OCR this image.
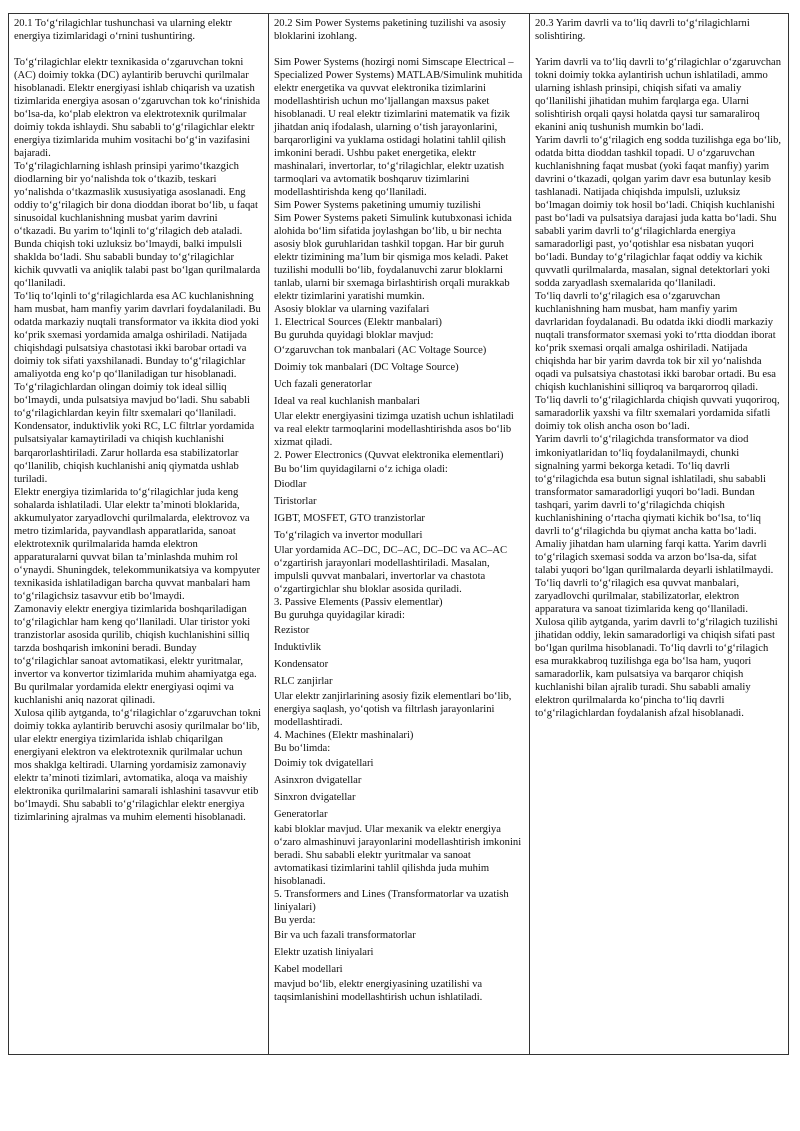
20.1 To‘g‘rilagichlar tushunchasi va ularning elektr energiya tizimlaridagi o‘rnini tushuntiring.

To‘g‘rilagichlar elektr texnikasida o‘zgaruvchan tokni (AC) doimiy tokka (DC) aylantirib beruvchi qurilmalar hisoblanadi. Elektr energiyasi ishlab chiqarish va uzatish tizimlarida energiya asosan o‘zgaruvchan tok ko‘rinishida bo‘lsa-da, ko‘plab elektron va elektrotexnik qurilmalar doimiy tokda ishlaydi. Shu sababli to‘g‘rilagichlar elektr energiya tizimlarida muhim vositachi bo‘g‘in vazifasini bajaradi.

To‘g‘rilagichlarning ishlash prinsipi yarimo‘tkazgich diodlarning bir yo‘nalishda tok o‘tkazib, teskari yo‘nalishda o‘tkazmaslik xususiyatiga asoslanadi. Eng oddiy to‘g‘rilagich bir dona dioddan iborat bo‘lib, u faqat sinusoidal kuchlanishning musbat yarim davrini o‘tkazadi. Bu yarim to‘lqinli to‘g‘rilagich deb ataladi. Bunda chiqish toki uzluksiz bo‘lmaydi, balki impulsli shaklda bo‘ladi. Shu sababli bunday to‘g‘rilagichlar kichik quvvatli va aniqlik talabi past bo‘lgan qurilmalarda qo‘llaniladi.

To‘liq to‘lqinli to‘g‘rilagichlarda esa AC kuchlanishning ham musbat, ham manfiy yarim davrlari foydalaniladi. Bu odatda markaziy nuqtali transformator va ikkita diod yoki ko‘prik sxemasi yordamida amalga oshiriladi. Natijada chiqishdagi pulsatsiya chastotasi ikki barobar ortadi va doimiy tok sifati yaxshilanadi. Bunday to‘g‘rilagichlar amaliyotda eng ko‘p qo‘llaniladigan tur hisoblanadi.

To‘g‘rilagichlardan olingan doimiy tok ideal silliq bo‘lmaydi, unda pulsatsiya mavjud bo‘ladi. Shu sababli to‘g‘rilagichlardan keyin filtr sxemalari qo‘llaniladi. Kondensator, induktivlik yoki RC, LC filtrlar yordamida pulsatsiyalar kamaytiriladi va chiqish kuchlanishi barqarorlashtiriladi. Zarur hollarda esa stabilizatorlar qo‘llanilib, chiqish kuchlanishi aniq qiymatda ushlab turiladi.

Elektr energiya tizimlarida to‘g‘rilagichlar juda keng sohalarda ishlatiladi. Ular elektr ta’minoti bloklarida, akkumulyator zaryadlovchi qurilmalarda, elektrovoz va metro tizimlarida, payvandlash apparatlarida, sanoat elektrotexnik qurilmalarida hamda elektron apparaturalarni quvvat bilan ta’minlashda muhim rol o‘ynaydi. Shuningdek, telekommunikatsiya va kompyuter texnikasida ishlatiladigan barcha quvvat manbalari ham to‘g‘rilagichsiz tasavvur etib bo‘lmaydi.

Zamonaviy elektr energiya tizimlarida boshqariladigan to‘g‘rilagichlar ham keng qo‘llaniladi. Ular tiristor yoki tranzistorlar asosida qurilib, chiqish kuchlanishini silliq tarzda boshqarish imkonini beradi. Bunday to‘g‘rilagichlar sanoat avtomatikasi, elektr yuritmalar, invertor va konvertor tizimlarida muhim ahamiyatga ega. Bu qurilmalar yordamida elektr energiyasi oqimi va kuchlanishi aniq nazorat qilinadi.

Xulosa qilib aytganda, to‘g‘rilagichlar o‘zgaruvchan tokni doimiy tokka aylantirib beruvchi asosiy qurilmalar bo‘lib, ular elektr energiya tizimlarida ishlab chiqarilgan energiyani elektron va elektrotexnik qurilmalar uchun mos shaklga keltiradi. Ularning yordamisiz zamonaviy elektr ta’minoti tizimlari, avtomatika, aloqa va maishiy elektronika qurilmalarini samarali ishlashini tasavvur etib bo‘lmaydi. Shu sababli to‘g‘rilagichlar elektr energiya tizimlarining ajralmas va muhim elementi hisoblanadi.

20.2 Sim Power Systems paketining tuzilishi va asosiy bloklarini izohlang.

Sim Power Systems (hozirgi nomi Simscape Electrical – Specialized Power Systems) MATLAB/Simulink muhitida elektr energetika va quvvat elektronika tizimlarini modellashtirish uchun mo‘ljallangan maxsus paket hisoblanadi. U real elektr tizimlarini matematik va fizik jihatdan aniq ifodalash, ularning o‘tish jarayonlarini, barqarorligini va yuklama ostidagi holatini tahlil qilish imkonini beradi. Ushbu paket energetika, elektr mashinalari, invertorlar, to‘g‘rilagichlar, elektr uzatish tarmoqlari va avtomatik boshqaruv tizimlarini modellashtirishda keng qo‘llaniladi.

Sim Power Systems paketining umumiy tuzilishi

Sim Power Systems paketi Simulink kutubxonasi ichida alohida bo‘lim sifatida joylashgan bo‘lib, u bir nechta asosiy blok guruhlaridan tashkil topgan. Har bir guruh elektr tizimining ma’lum bir qismiga mos keladi. Paket tuzilishi modulli bo‘lib, foydalanuvchi zarur bloklarni tanlab, ularni bir sxemaga birlashtirish orqali murakkab elektr tizimlarini yaratishi mumkin.

Asosiy bloklar va ularning vazifalari

1. Electrical Sources (Elektr manbalari)

Bu guruhda quyidagi bloklar mavjud:

O‘zgaruvchan tok manbalari (AC Voltage Source)

Doimiy tok manbalari (DC Voltage Source)

Uch fazali generatorlar

Ideal va real kuchlanish manbalari

Ular elektr energiyasini tizimga uzatish uchun ishlatiladi va real elektr tarmoqlarini modellashtirishda asos bo‘lib xizmat qiladi.

2. Power Electronics (Quvvat elektronika elementlari)

Bu bo‘lim quyidagilarni o‘z ichiga oladi:

Diodlar

Tiristorlar

IGBT, MOSFET, GTO tranzistorlar

To‘g‘rilagich va invertor modullari

Ular yordamida AC–DC, DC–AC, DC–DC va AC–AC o‘zgartirish jarayonlari modellashtiriladi. Masalan, impulsli quvvat manbalari, invertorlar va chastota o‘zgartirgichlar shu bloklar asosida quriladi.

3. Passive Elements (Passiv elementlar)

Bu guruhga quyidagilar kiradi:

Rezistor

Induktivlik

Kondensator

RLC zanjirlar

Ular elektr zanjirlarining asosiy fizik elementlari bo‘lib, energiya saqlash, yo‘qotish va filtrlash jarayonlarini modellashtiradi.

4. Machines (Elektr mashinalari)

Bu bo‘limda:

Doimiy tok dvigatellari

Asinxron dvigatellar

Sinxron dvigatellar

Generatorlar

kabi bloklar mavjud. Ular mexanik va elektr energiya o‘zaro almashinuvi jarayonlarini modellashtirish imkonini beradi. Shu sababli elektr yuritmalar va sanoat avtomatikasi tizimlarini tahlil qilishda juda muhim hisoblanadi.

5. Transformers and Lines (Transformatorlar va uzatish liniyalari)

Bu yerda:

Bir va uch fazali transformatorlar

Elektr uzatish liniyalari

Kabel modellari

mavjud bo‘lib, elektr energiyasining uzatilishi va taqsimlanishini modellashtirish uchun ishlatiladi.

20.3 Yarim davrli va to‘liq davrli to‘g‘rilagichlarni solishtiring.

Yarim davrli va to‘liq davrli to‘g‘rilagichlar o‘zgaruvchan tokni doimiy tokka aylantirish uchun ishlatiladi, ammo ularning ishlash prinsipi, chiqish sifati va amaliy qo‘llanilishi jihatidan muhim farqlarga ega. Ularni solishtirish orqali qaysi holatda qaysi tur samaraliroq ekanini aniq tushunish mumkin bo‘ladi.

Yarim davrli to‘g‘rilagich eng sodda tuzilishga ega bo‘lib, odatda bitta dioddan tashkil topadi. U o‘zgaruvchan kuchlanishning faqat musbat (yoki faqat manfiy) yarim davrini o‘tkazadi, qolgan yarim davr esa butunlay kesib tashlanadi. Natijada chiqishda impulsli, uzluksiz bo‘lmagan doimiy tok hosil bo‘ladi. Chiqish kuchlanishi past bo‘ladi va pulsatsiya darajasi juda katta bo‘ladi. Shu sababli yarim davrli to‘g‘rilagichlarda energiya samaradorligi past, yo‘qotishlar esa nisbatan yuqori bo‘ladi. Bunday to‘g‘rilagichlar faqat oddiy va kichik quvvatli qurilmalarda, masalan, signal detektorlari yoki sodda zaryadlash sxemalarida qo‘llaniladi.

To‘liq davrli to‘g‘rilagich esa o‘zgaruvchan kuchlanishning ham musbat, ham manfiy yarim davrlaridan foydalanadi. Bu odatda ikki diodli markaziy nuqtali transformator sxemasi yoki to‘rtta dioddan iborat ko‘prik sxemasi orqali amalga oshiriladi. Natijada chiqishda har bir yarim davrda tok bir xil yo‘nalishda oqadi va pulsatsiya chastotasi ikki barobar ortadi. Bu esa chiqish kuchlanishini silliqroq va barqarorroq qiladi. To‘liq davrli to‘g‘rilagichlarda chiqish quvvati yuqoriroq, samaradorlik yaxshi va filtr sxemalari yordamida sifatli doimiy tok olish ancha oson bo‘ladi.

Yarim davrli to‘g‘rilagichda transformator va diod imkoniyatlaridan to‘liq foydalanilmaydi, chunki signalning yarmi bekorga ketadi. To‘liq davrli to‘g‘rilagichda esa butun signal ishlatiladi, shu sababli transformator samaradorligi yuqori bo‘ladi. Bundan tashqari, yarim davrli to‘g‘rilagichda chiqish kuchlanishining o‘rtacha qiymati kichik bo‘lsa, to‘liq davrli to‘g‘rilagichda bu qiymat ancha katta bo‘ladi.

Amaliy jihatdan ham ularning farqi katta. Yarim davrli to‘g‘rilagich sxemasi sodda va arzon bo‘lsa-da, sifat talabi yuqori bo‘lgan qurilmalarda deyarli ishlatilmaydi. To‘liq davrli to‘g‘rilagich esa quvvat manbalari, zaryadlovchi qurilmalar, stabilizatorlar, elektron apparatura va sanoat tizimlarida keng qo‘llaniladi.

Xulosa qilib aytganda, yarim davrli to‘g‘rilagich tuzilishi jihatidan oddiy, lekin samaradorligi va chiqish sifati past bo‘lgan qurilma hisoblanadi. To‘liq davrli to‘g‘rilagich esa murakkabroq tuzilishga ega bo‘lsa ham, yuqori samaradorlik, kam pulsatsiya va barqaror chiqish kuchlanishi bilan ajralib turadi. Shu sababli amaliy elektron qurilmalarda ko‘pincha to‘liq davrli to‘g‘rilagichlardan foydalanish afzal hisoblanadi.
